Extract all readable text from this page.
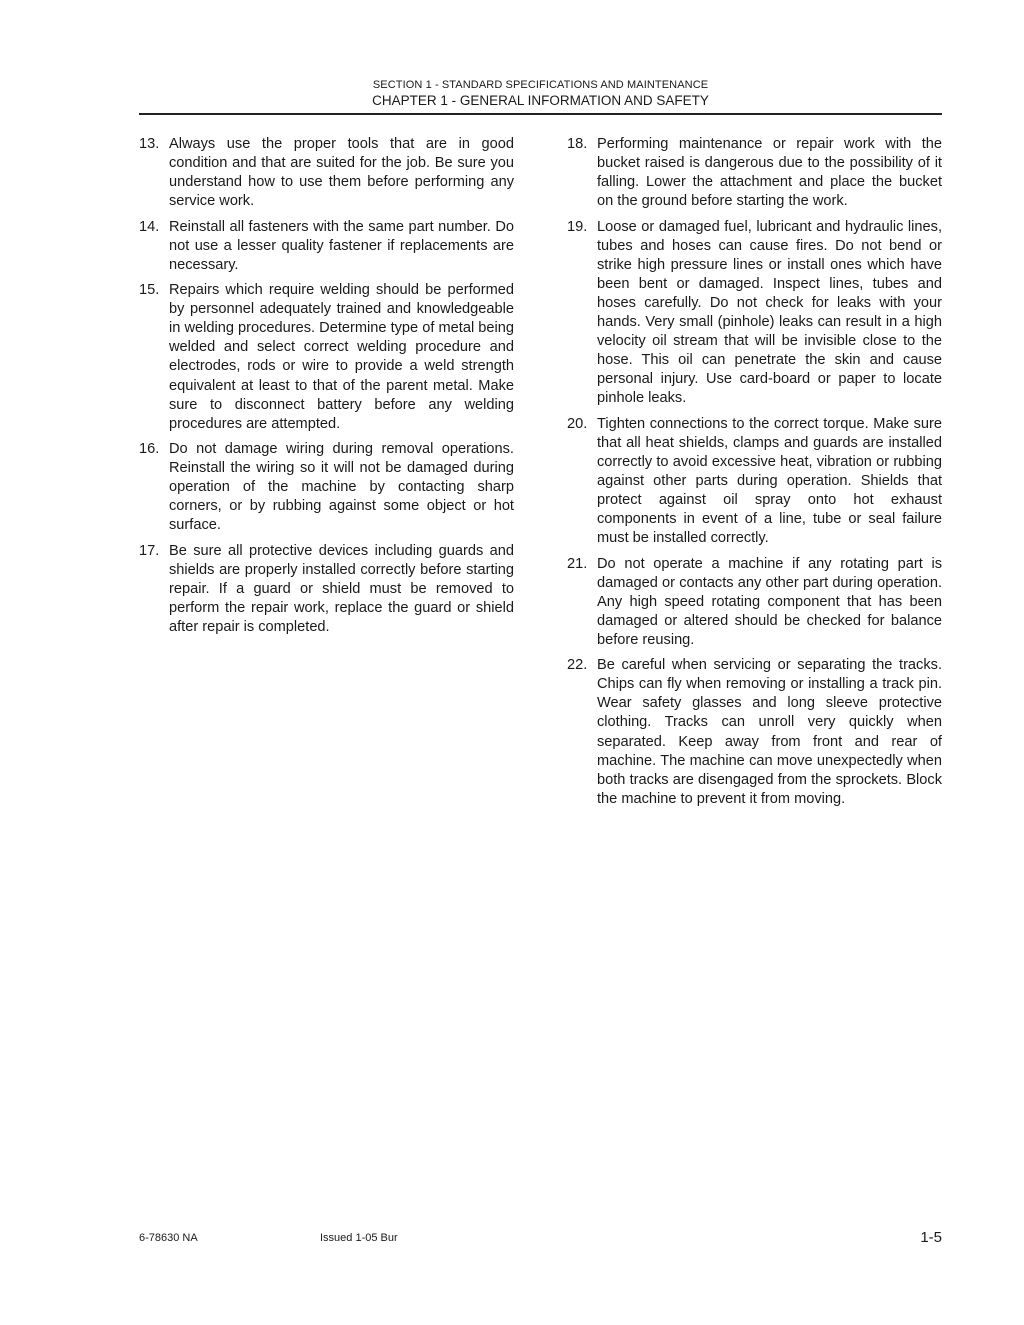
SECTION 1 - STANDARD SPECIFICATIONS AND MAINTENANCE
CHAPTER 1 - GENERAL INFORMATION AND SAFETY
13. Always use the proper tools that are in good condition and that are suited for the job. Be sure you understand how to use them before performing any service work.
14. Reinstall all fasteners with the same part number. Do not use a lesser quality fastener if replacements are necessary.
15. Repairs which require welding should be performed by personnel adequately trained and knowledgeable in welding procedures. Determine type of metal being welded and select correct welding procedure and electrodes, rods or wire to provide a weld strength equivalent at least to that of the parent metal. Make sure to disconnect battery before any welding procedures are attempted.
16. Do not damage wiring during removal operations. Reinstall the wiring so it will not be damaged during operation of the machine by contacting sharp corners, or by rubbing against some object or hot surface.
17. Be sure all protective devices including guards and shields are properly installed correctly before starting repair. If a guard or shield must be removed to perform the repair work, replace the guard or shield after repair is completed.
18. Performing maintenance or repair work with the bucket raised is dangerous due to the possibility of it falling. Lower the attachment and place the bucket on the ground before starting the work.
19. Loose or damaged fuel, lubricant and hydraulic lines, tubes and hoses can cause fires. Do not bend or strike high pressure lines or install ones which have been bent or damaged. Inspect lines, tubes and hoses carefully. Do not check for leaks with your hands. Very small (pinhole) leaks can result in a high velocity oil stream that will be invisible close to the hose. This oil can penetrate the skin and cause personal injury. Use card-board or paper to locate pinhole leaks.
20. Tighten connections to the correct torque. Make sure that all heat shields, clamps and guards are installed correctly to avoid excessive heat, vibration or rubbing against other parts during operation. Shields that protect against oil spray onto hot exhaust components in event of a line, tube or seal failure must be installed correctly.
21. Do not operate a machine if any rotating part is damaged or contacts any other part during operation. Any high speed rotating component that has been damaged or altered should be checked for balance before reusing.
22. Be careful when servicing or separating the tracks. Chips can fly when removing or installing a track pin. Wear safety glasses and long sleeve protective clothing. Tracks can unroll very quickly when separated. Keep away from front and rear of machine. The machine can move unexpectedly when both tracks are disengaged from the sprockets. Block the machine to prevent it from moving.
6-78630 NA	Issued 1-05 Bur	1-5
